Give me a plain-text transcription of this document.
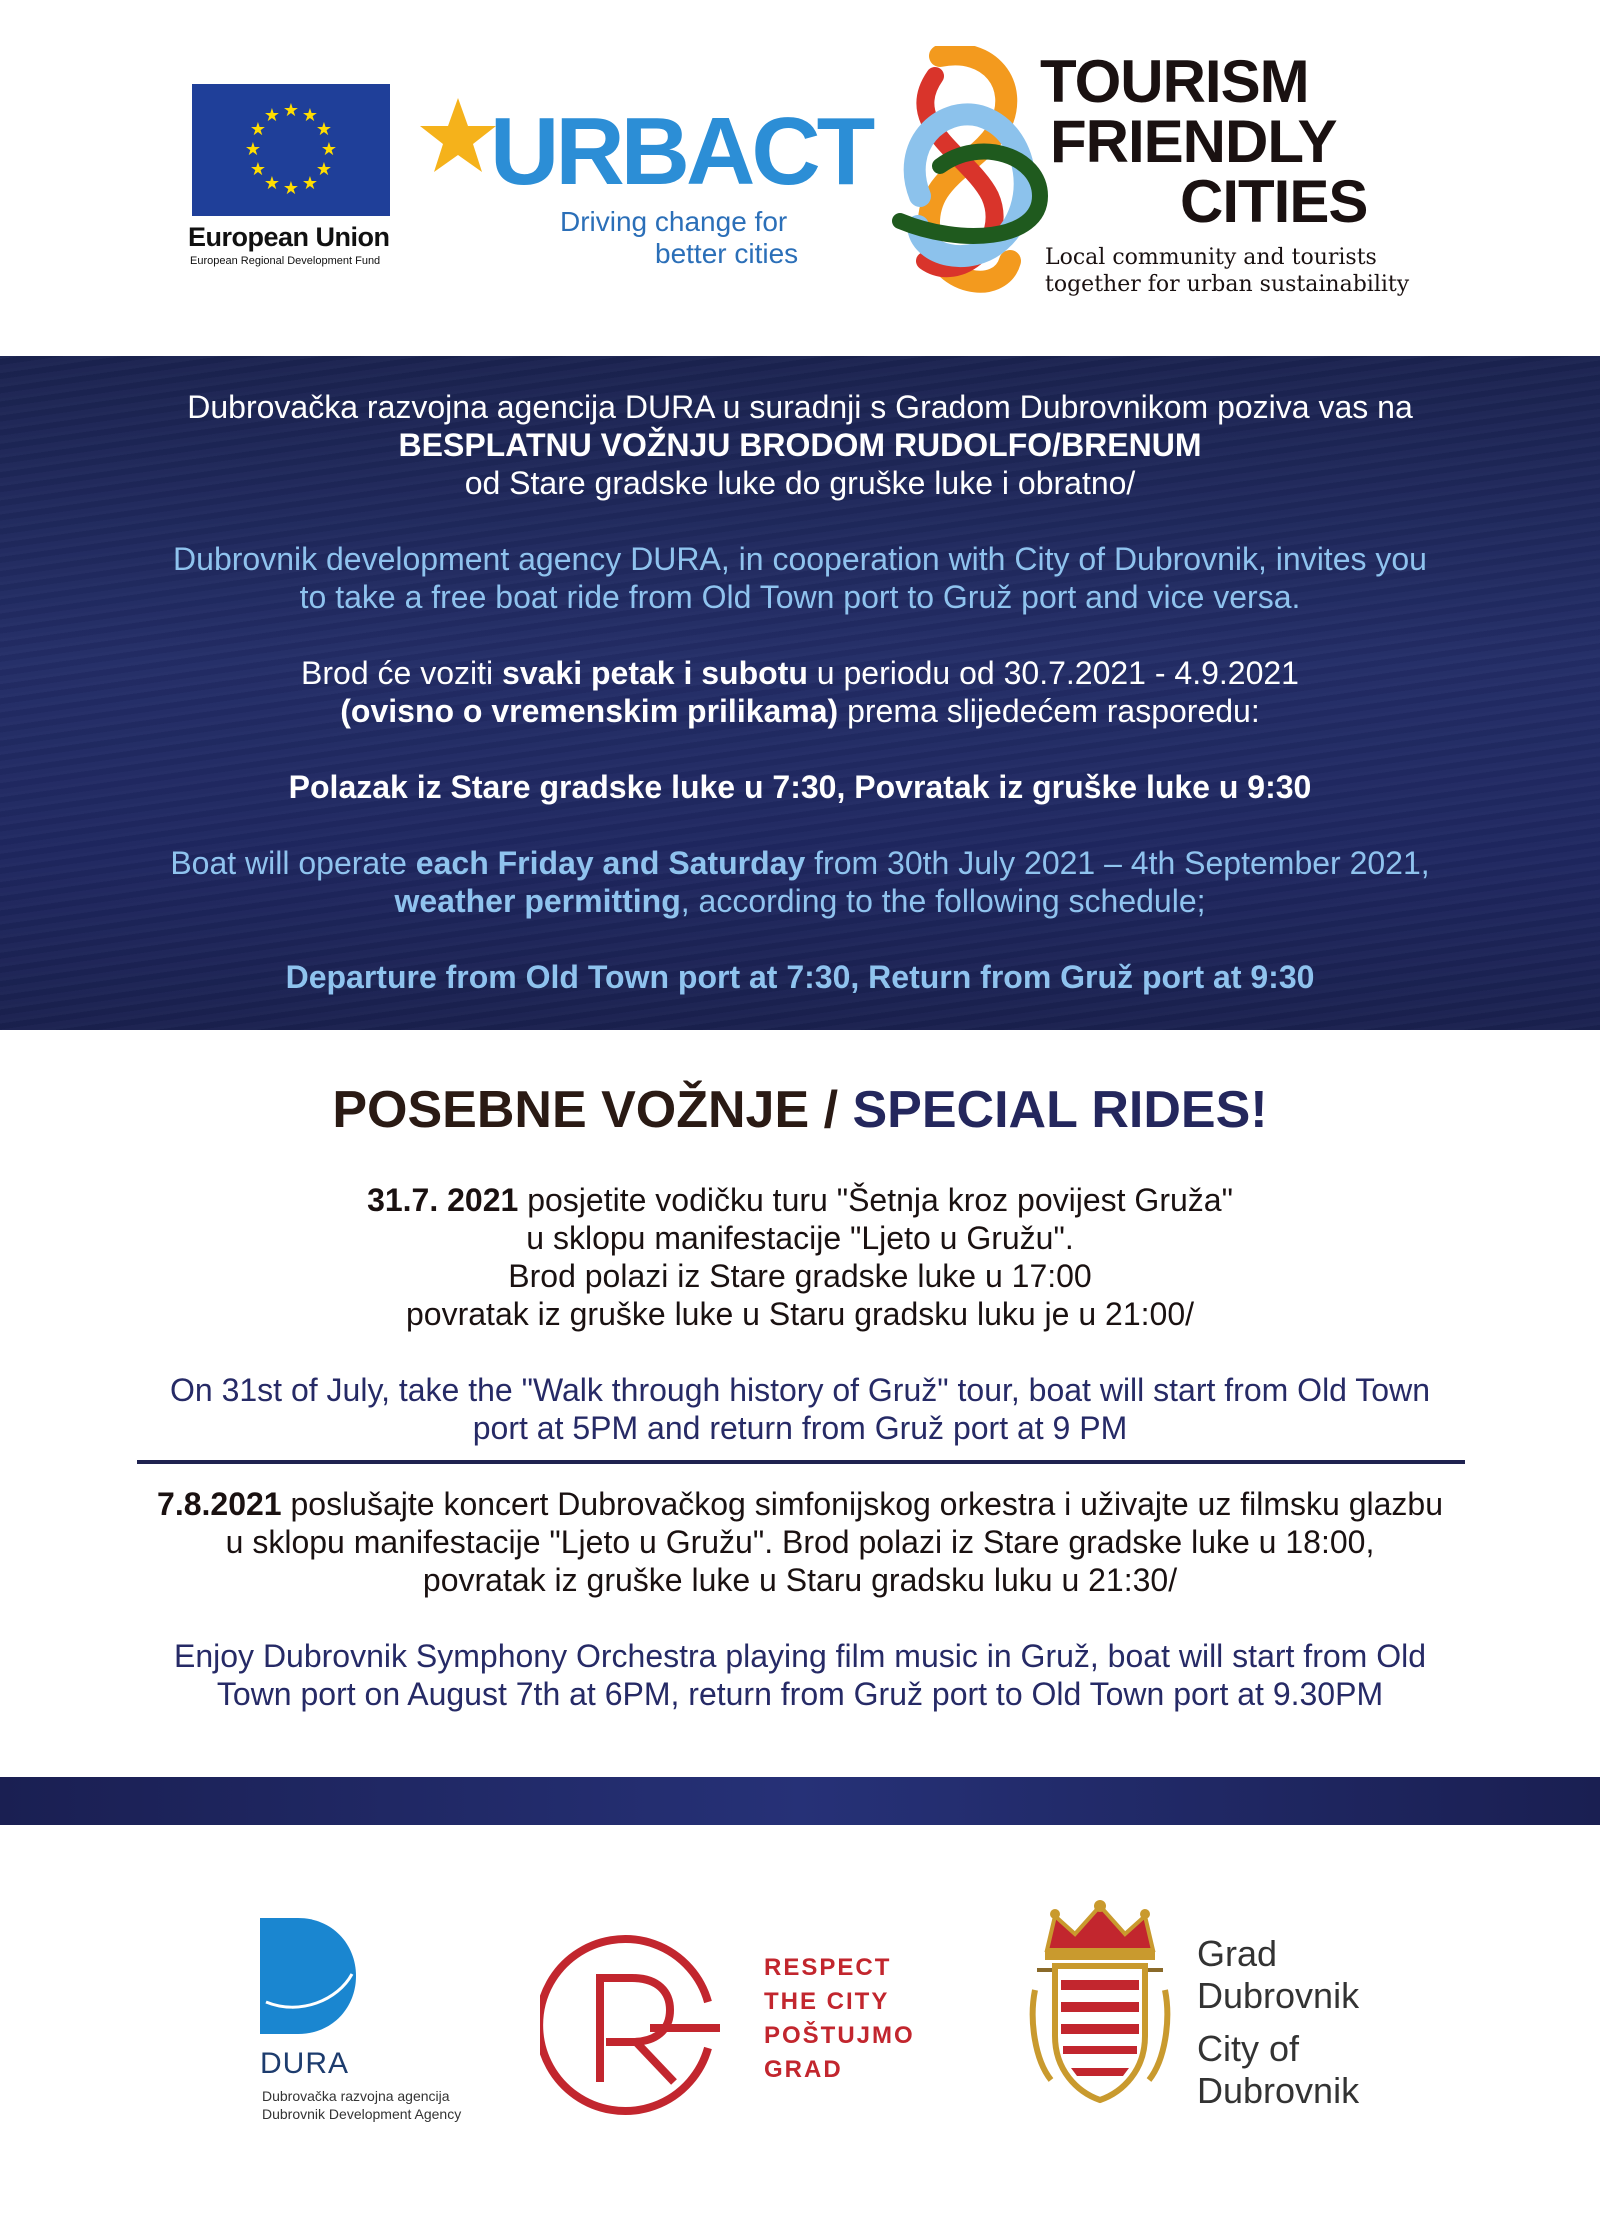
★ ★
★
★
★
★
★
★
★
★
★
★
European Union
European Regional Development Fund
URBACT
Driving change for
better cities
TOURISM
FRIENDLY
CITIES
Local community and tourists
together for urban sustainability
Dubrovačka razvojna agencija DURA u suradnji s Gradom Dubrovnikom poziva vas na
BESPLATNU VOŽNJU BRODOM RUDOLFO/BRENUM
od Stare gradske luke do gruške luke i obratno/
Dubrovnik development agency DURA, in cooperation with City of Dubrovnik, invites you
to take a free boat ride from Old Town port to Gruž port and vice versa.
Brod će voziti svaki petak i subotu u periodu od 30.7.2021 - 4.9.2021
(ovisno o vremenskim prilikama) prema slijedećem rasporedu:
Polazak iz Stare gradske luke u 7:30, Povratak iz gruške luke u 9:30
Boat will operate each Friday and Saturday from 30th July 2021 – 4th September 2021,
weather permitting, according to the following schedule;
Departure from Old Town port at 7:30, Return from Gruž port at 9:30
POSEBNE VOŽNJE / SPECIAL RIDES!
31.7. 2021 posjetite vodičku turu "Šetnja kroz povijest Gruža"
u sklopu manifestacije "Ljeto u Gružu".
Brod polazi iz Stare gradske luke u 17:00
povratak iz gruške luke u Staru gradsku luku je u 21:00/
On 31st of July, take the "Walk through history of Gruž" tour, boat will start from Old Town
port at 5PM and return from Gruž port at 9 PM
7.8.2021 poslušajte koncert Dubrovačkog simfonijskog orkestra i uživajte uz filmsku glazbu
u sklopu manifestacije "Ljeto u Gružu". Brod polazi iz Stare gradske luke u 18:00,
povratak iz gruške luke u Staru gradsku luku u 21:30/
Enjoy Dubrovnik Symphony Orchestra playing film music in Gruž, boat will start from Old
Town port on August 7th at 6PM, return from Gruž port to Old Town port at 9.30PM
DURA
Dubrovačka razvojna agencija
Dubrovnik Development Agency
RESPECT
THE CITY
POŠTUJMO
GRAD
Grad
Dubrovnik
City of
Dubrovnik
